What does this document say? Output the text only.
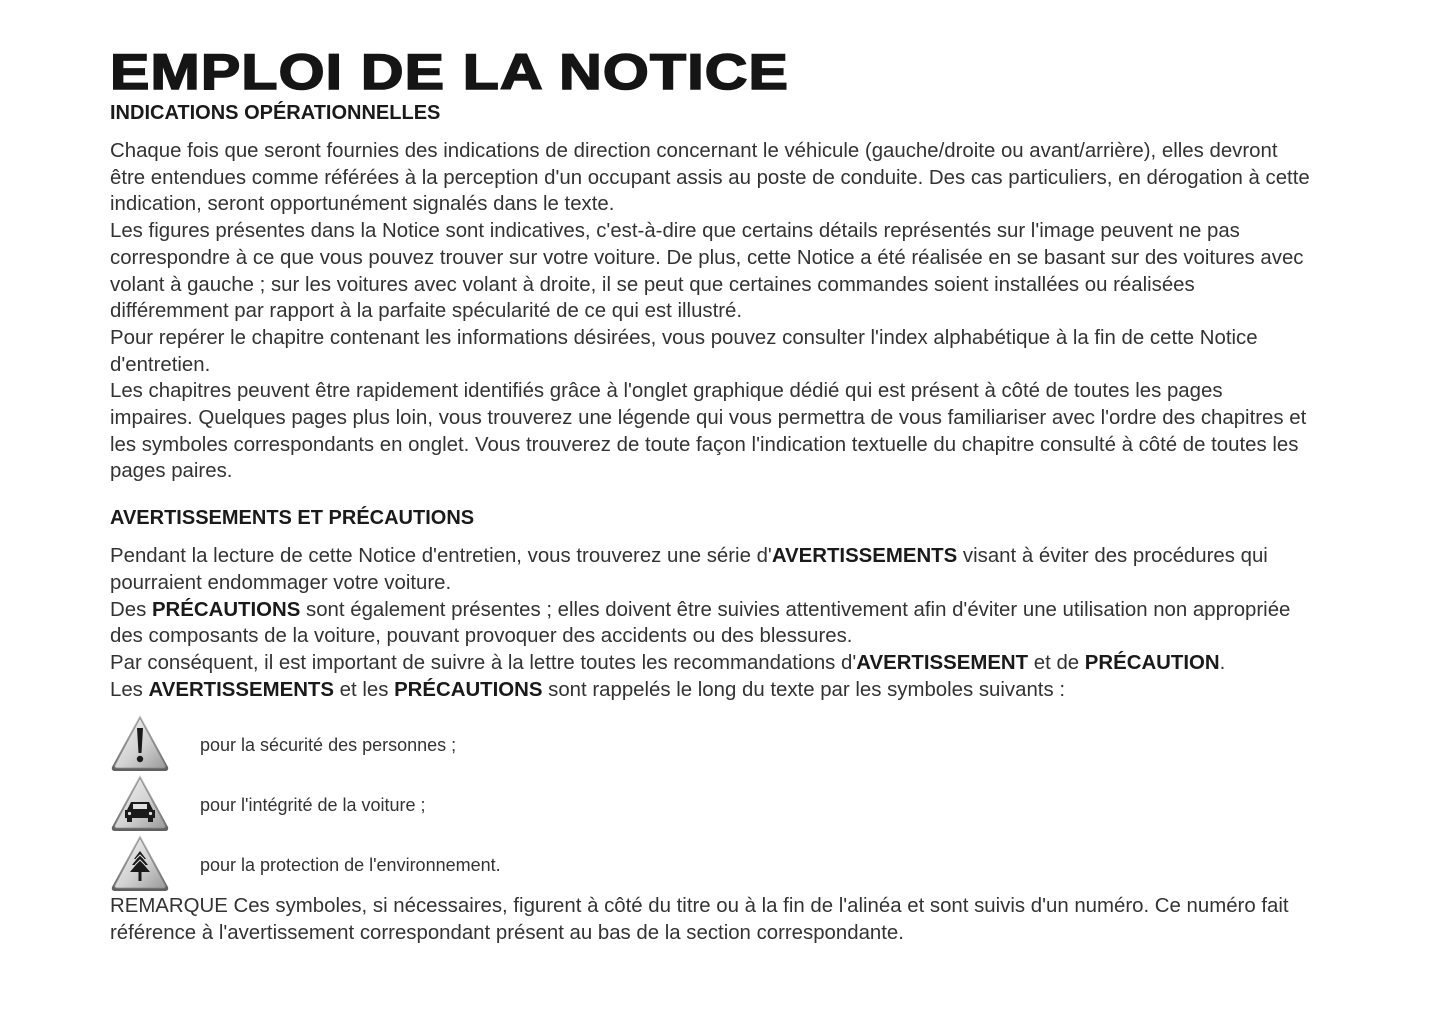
EMPLOI DE LA NOTICE
INDICATIONS OPÉRATIONNELLES

Chaque fois que seront fournies des indications de direction concernant le véhicule (gauche/droite ou avant/arrière), elles devront être entendues comme référées à la perception d'un occupant assis au poste de conduite. Des cas particuliers, en dérogation à cette indication, seront opportunément signalés dans le texte.

Les figures présentes dans la Notice sont indicatives, c'est-à-dire que certains détails représentés sur l'image peuvent ne pas correspondre à ce que vous pouvez trouver sur votre voiture. De plus, cette Notice a été réalisée en se basant sur des voitures avec volant à gauche ; sur les voitures avec volant à droite, il se peut que certaines commandes soient installées ou réalisées différemment par rapport à la parfaite spécularité de ce qui est illustré.

Pour repérer le chapitre contenant les informations désirées, vous pouvez consulter l'index alphabétique à la fin de cette Notice d'entretien.

Les chapitres peuvent être rapidement identifiés grâce à l'onglet graphique dédié qui est présent à côté de toutes les pages impaires. Quelques pages plus loin, vous trouverez une légende qui vous permettra de vous familiariser avec l'ordre des chapitres et les symboles correspondants en onglet. Vous trouverez de toute façon l'indication textuelle du chapitre consulté à côté de toutes les pages paires.

AVERTISSEMENTS ET PRÉCAUTIONS

Pendant la lecture de cette Notice d'entretien, vous trouverez une série d'AVERTISSEMENTS visant à éviter des procédures qui pourraient endommager votre voiture.

Des PRÉCAUTIONS sont également présentes ; elles doivent être suivies attentivement afin d'éviter une utilisation non appropriée des composants de la voiture, pouvant provoquer des accidents ou des blessures.

Par conséquent, il est important de suivre à la lettre toutes les recommandations d'AVERTISSEMENT et de PRÉCAUTION.

Les AVERTISSEMENTS et les PRÉCAUTIONS sont rappelés le long du texte par les symboles suivants :

pour la sécurité des personnes ;
pour l'intégrité de la voiture ;
pour la protection de l'environnement.

REMARQUE Ces symboles, si nécessaires, figurent à côté du titre ou à la fin de l'alinéa et sont suivis d'un numéro. Ce numéro fait référence à l'avertissement correspondant présent au bas de la section correspondante.
